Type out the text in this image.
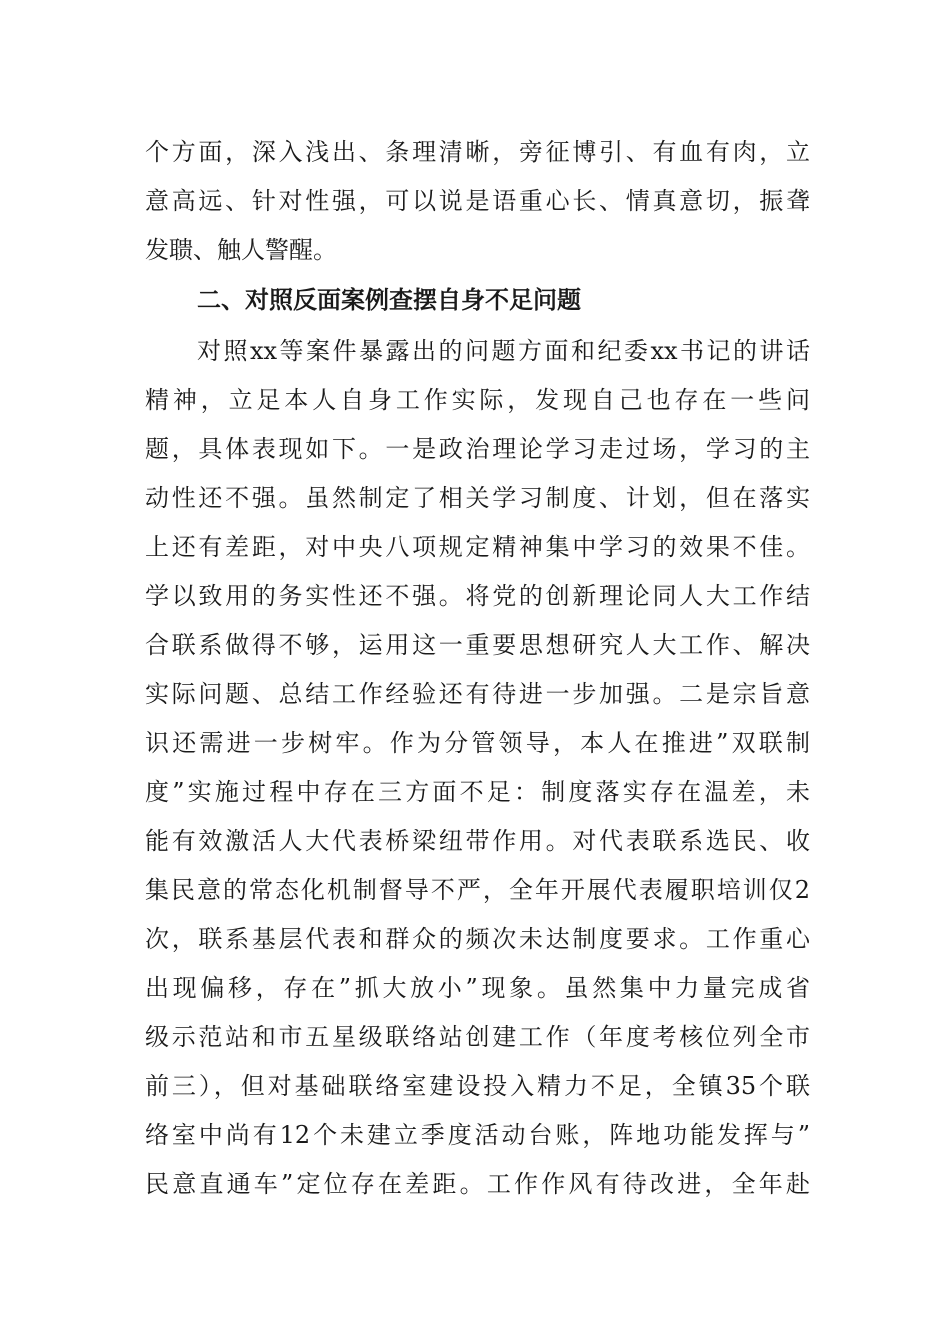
个方面，深入浅出、条理清晰，旁征博引、有血有肉，立
意高远、针对性强，可以说是语重心长、情真意切，振聋
发聩、触人警醒。
二、对照反面案例查摆自身不足问题
对照xx等案件暴露出的问题方面和纪委xx书记的讲话
精神，立足本人自身工作实际，发现自己也存在一些问
题，具体表现如下。一是政治理论学习走过场，学习的主
动性还不强。虽然制定了相关学习制度、计划，但在落实
上还有差距，对中央八项规定精神集中学习的效果不佳。
学以致用的务实性还不强。将党的创新理论同人大工作结
合联系做得不够，运用这一重要思想研究人大工作、解决
实际问题、总结工作经验还有待进一步加强。二是宗旨意
识还需进一步树牢。作为分管领导，本人在推进”双联制
度”实施过程中存在三方面不足：制度落实存在温差，未
能有效激活人大代表桥梁纽带作用。对代表联系选民、收
集民意的常态化机制督导不严，全年开展代表履职培训仅2
次，联系基层代表和群众的频次未达制度要求。工作重心
出现偏移，存在”抓大放小”现象。虽然集中力量完成省
级示范站和市五星级联络站创建工作（年度考核位列全市
前三），但对基础联络室建设投入精力不足，全镇35个联
络室中尚有12个未建立季度活动台账，阵地功能发挥与”
民意直通车”定位存在差距。工作作风有待改进，全年赴
